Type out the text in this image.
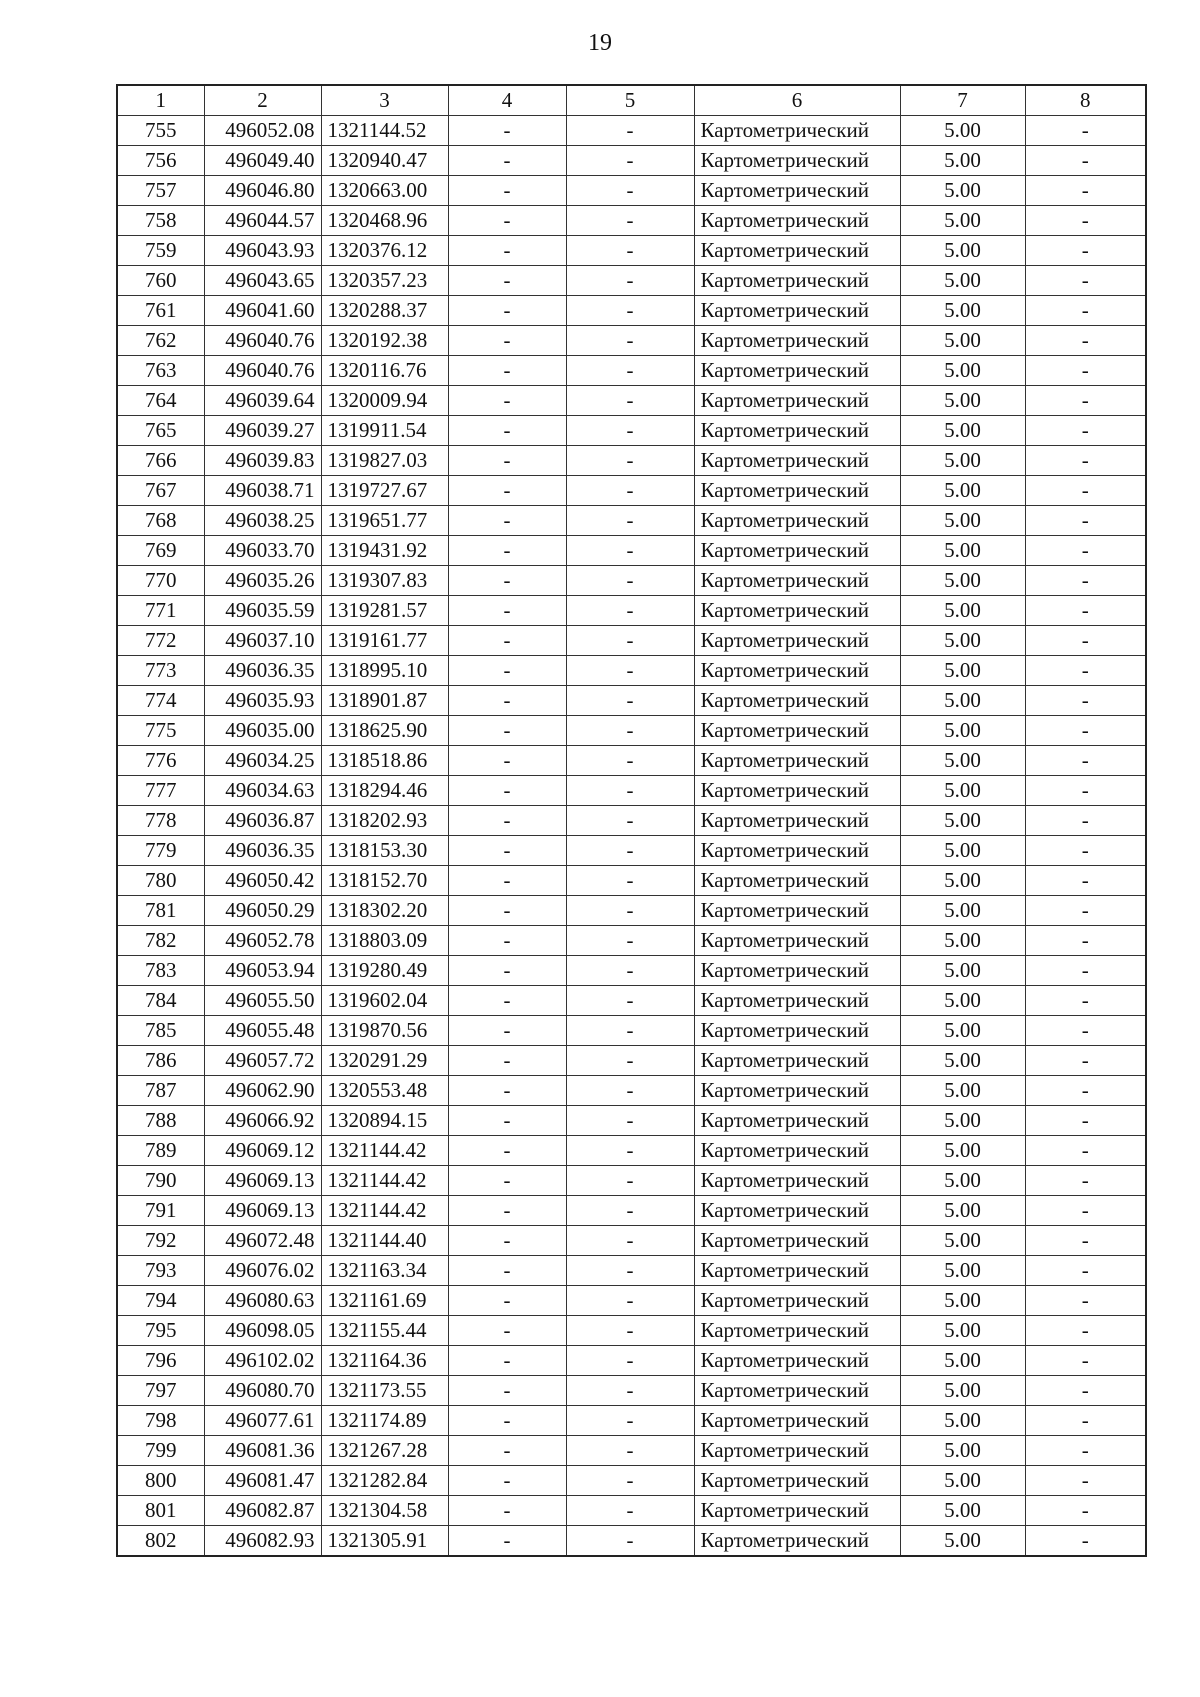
19
1	2	3	4	5	6	7	8
755	496052.08	1321144.52	-	-	Картометрический	5.00	-
756	496049.40	1320940.47	-	-	Картометрический	5.00	-
757	496046.80	1320663.00	-	-	Картометрический	5.00	-
758	496044.57	1320468.96	-	-	Картометрический	5.00	-
759	496043.93	1320376.12	-	-	Картометрический	5.00	-
760	496043.65	1320357.23	-	-	Картометрический	5.00	-
761	496041.60	1320288.37	-	-	Картометрический	5.00	-
762	496040.76	1320192.38	-	-	Картометрический	5.00	-
763	496040.76	1320116.76	-	-	Картометрический	5.00	-
764	496039.64	1320009.94	-	-	Картометрический	5.00	-
765	496039.27	1319911.54	-	-	Картометрический	5.00	-
766	496039.83	1319827.03	-	-	Картометрический	5.00	-
767	496038.71	1319727.67	-	-	Картометрический	5.00	-
768	496038.25	1319651.77	-	-	Картометрический	5.00	-
769	496033.70	1319431.92	-	-	Картометрический	5.00	-
770	496035.26	1319307.83	-	-	Картометрический	5.00	-
771	496035.59	1319281.57	-	-	Картометрический	5.00	-
772	496037.10	1319161.77	-	-	Картометрический	5.00	-
773	496036.35	1318995.10	-	-	Картометрический	5.00	-
774	496035.93	1318901.87	-	-	Картометрический	5.00	-
775	496035.00	1318625.90	-	-	Картометрический	5.00	-
776	496034.25	1318518.86	-	-	Картометрический	5.00	-
777	496034.63	1318294.46	-	-	Картометрический	5.00	-
778	496036.87	1318202.93	-	-	Картометрический	5.00	-
779	496036.35	1318153.30	-	-	Картометрический	5.00	-
780	496050.42	1318152.70	-	-	Картометрический	5.00	-
781	496050.29	1318302.20	-	-	Картометрический	5.00	-
782	496052.78	1318803.09	-	-	Картометрический	5.00	-
783	496053.94	1319280.49	-	-	Картометрический	5.00	-
784	496055.50	1319602.04	-	-	Картометрический	5.00	-
785	496055.48	1319870.56	-	-	Картометрический	5.00	-
786	496057.72	1320291.29	-	-	Картометрический	5.00	-
787	496062.90	1320553.48	-	-	Картометрический	5.00	-
788	496066.92	1320894.15	-	-	Картометрический	5.00	-
789	496069.12	1321144.42	-	-	Картометрический	5.00	-
790	496069.13	1321144.42	-	-	Картометрический	5.00	-
791	496069.13	1321144.42	-	-	Картометрический	5.00	-
792	496072.48	1321144.40	-	-	Картометрический	5.00	-
793	496076.02	1321163.34	-	-	Картометрический	5.00	-
794	496080.63	1321161.69	-	-	Картометрический	5.00	-
795	496098.05	1321155.44	-	-	Картометрический	5.00	-
796	496102.02	1321164.36	-	-	Картометрический	5.00	-
797	496080.70	1321173.55	-	-	Картометрический	5.00	-
798	496077.61	1321174.89	-	-	Картометрический	5.00	-
799	496081.36	1321267.28	-	-	Картометрический	5.00	-
800	496081.47	1321282.84	-	-	Картометрический	5.00	-
801	496082.87	1321304.58	-	-	Картометрический	5.00	-
802	496082.93	1321305.91	-	-	Картометрический	5.00	-
